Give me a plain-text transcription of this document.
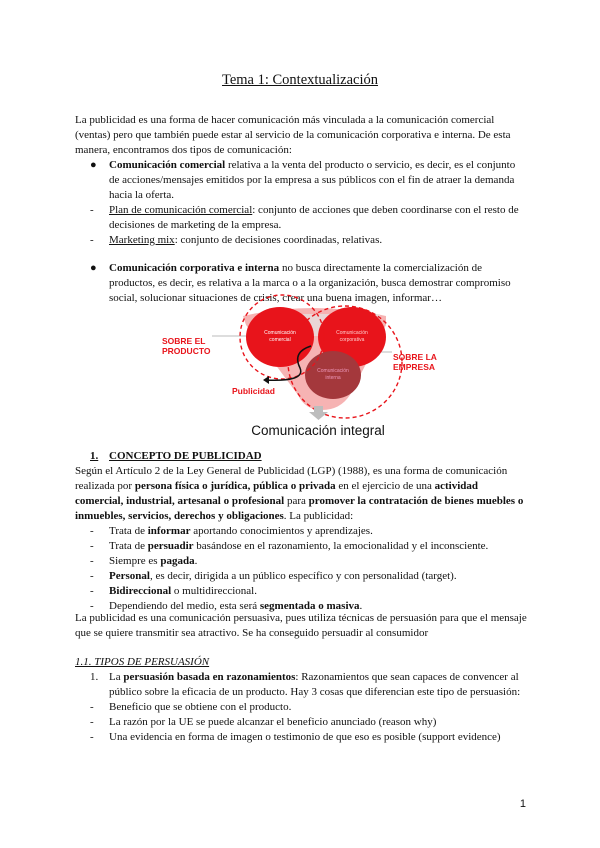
Tema 1: Contextualización

La publicidad es una forma de hacer comunicación más vinculada a la comunicación comercial (ventas) pero que también puede estar al servicio de la comunicación corporativa e interna. De esta manera, encontramos dos tipos de comunicación:

● Comunicación comercial relativa a la venta del producto o servicio, es decir, es el conjunto de acciones/mensajes emitidos por la empresa a sus públicos con el fin de atraer la demanda hacia la oferta.
- Plan de comunicación comercial: conjunto de acciones que deben coordinarse con el resto de decisiones de marketing de la empresa.
- Marketing mix: conjunto de decisiones coordinadas, relativas.
● Comunicación corporativa e interna no busca directamente la comercialización de productos, es decir, es relativa a la marca o a la organización, busca demostrar compromiso social, solucionar situaciones de crisis, crear una buena imagen, informar…
Comunicación
comercial
Comunicación
corporativa
Comunicación
interna
SOBRE EL
PRODUCTO
SOBRE LA
EMPRESA
Publicidad
Comunicación integral
1. CONCEPTO DE PUBLICIDAD

Según el Artículo 2 de la Ley General de Publicidad (LGP) (1988), es una forma de comunicación realizada por persona física o jurídica, pública o privada en el ejercicio de una actividad comercial, industrial, artesanal o profesional para promover la contratación de bienes muebles o inmuebles, servicios, derechos y obligaciones. La publicidad:

- Trata de informar aportando conocimientos y aprendizajes.
- Trata de persuadir basándose en el razonamiento, la emocionalidad y el inconsciente.
- Siempre es pagada.
- Personal, es decir, dirigida a un público específico y con personalidad (target).
- Bidireccional o multidireccional.
- Dependiendo del medio, esta será segmentada o masiva.

La publicidad es una comunicación persuasiva, pues utiliza técnicas de persuasión para que el mensaje que se quiere transmitir sea atractivo. Se ha conseguido persuadir al consumidor

1.1. TIPOS DE PERSUASIÓN
1. La persuasión basada en razonamientos: Razonamientos que sean capaces de convencer al público sobre la eficacia de un producto. Hay 3 cosas que diferencian este tipo de persuasión:
- Beneficio que se obtiene con el producto.
- La razón por la UE se puede alcanzar el beneficio anunciado (reason why)
- Una evidencia en forma de imagen o testimonio de que eso es posible (support evidence)
1
